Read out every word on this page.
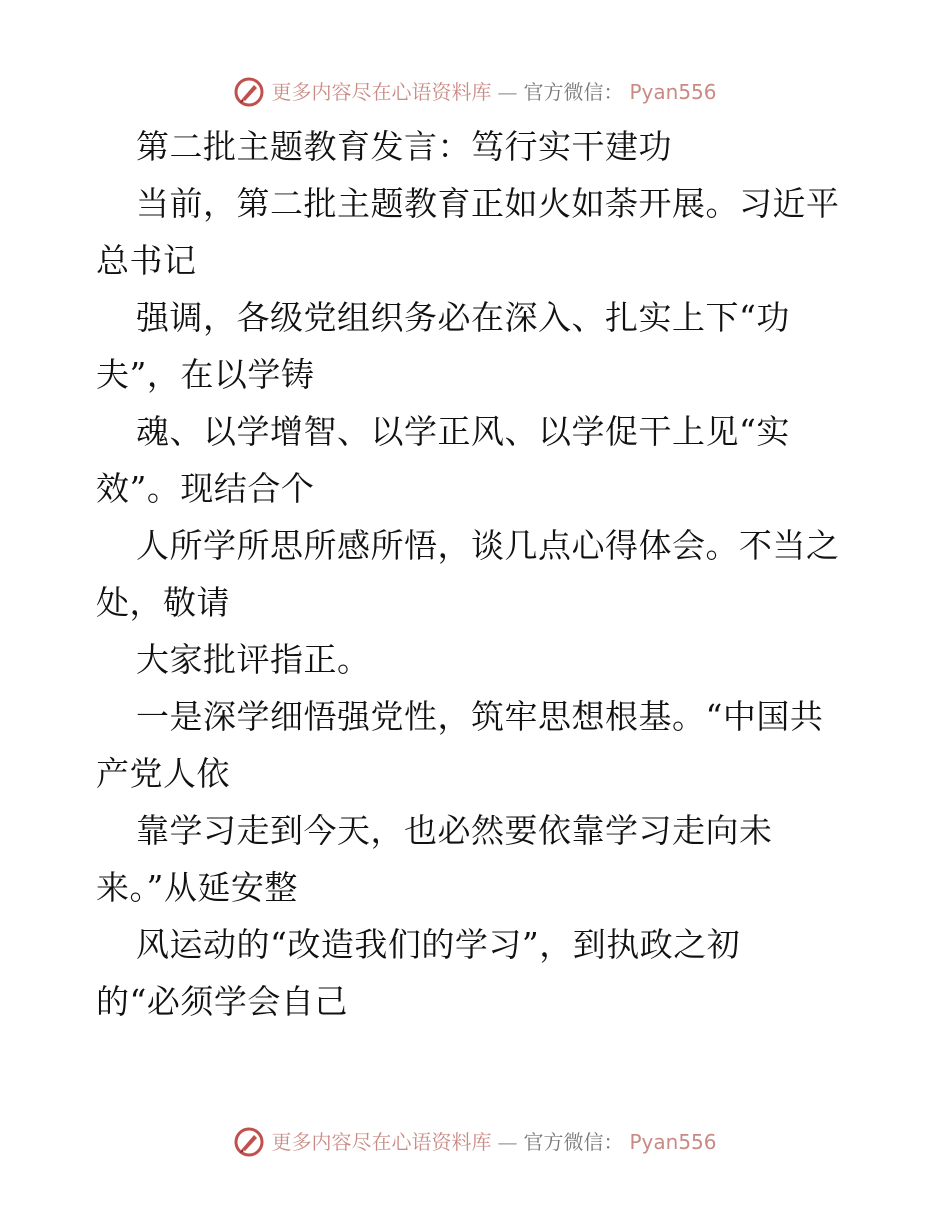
更多内容尽在心语资料库 — 官方微信： Pyan556
第二批主题教育发言：笃行实干建功
当前，第二批主题教育正如火如荼开展。习近平
总书记
强调，各级党组织务必在深入、扎实上下“功
夫”，在以学铸
魂、以学增智、以学正风、以学促干上见“实
效”。现结合个
人所学所思所感所悟，谈几点心得体会。不当之
处，敬请
大家批评指正。
一是深学细悟强党性，筑牢思想根基。“中国共
产党人依
靠学习走到今天，也必然要依靠学习走向未
来。”从延安整
风运动的“改造我们的学习”，到执政之初
的“必须学会自己
更多内容尽在心语资料库 — 官方微信： Pyan556
